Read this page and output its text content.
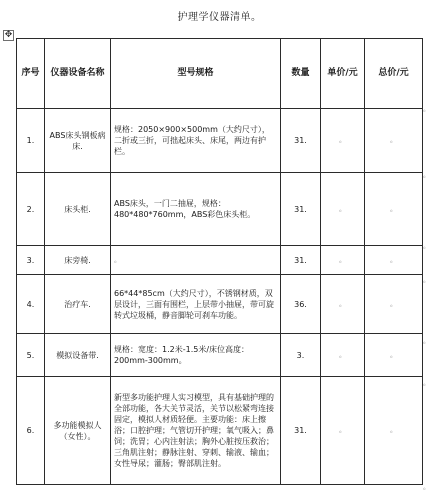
护理学仪器清单。
✥
序号	仪器设备名称	型号规格	数量	单价/元	总价/元
1.	ABS床头钢板病床.	规格：2050×900×500mm（大约尺寸），二折或三折，可拙起床头、床尾，两边有护栏。	31.	。	。
2.	床头柜.	ABS床头，一门二抽屉，规格：480*480*760mm，ABS彩色床头柜。	31.	。	。
3.	床旁椅.	。	31.	。	。
4.	治疗车.	66*44*85cm（大约尺寸），不锈钢材质，双层设计，三面有围栏，上层带小抽屉，带可旋转式垃圾桶，静音脚轮可刹车功能。	36.	。	。
5.	模拟设备带.	规格：宽度：1.2米-1.5米/床位高度：200mm-300mm。	3.	。	。
6.	多功能模拟人（女性）。	新型多功能护理人实习模型，具有基础护理的全部功能，各大关节灵活，关节以松紧弯连接固定，模拟人材质轻便。主要功能：床上擦浴；口腔护理；气管切开护理；氧气吸入；鼻饲；洗胃；心内注射法；胸外心脏按压救治；三角肌注射；静脉注射、穿刺、输液、输血；女性导尿；灌肠；臀部肌注射。	31.	。	。
。
。
。
。
。
。
。
